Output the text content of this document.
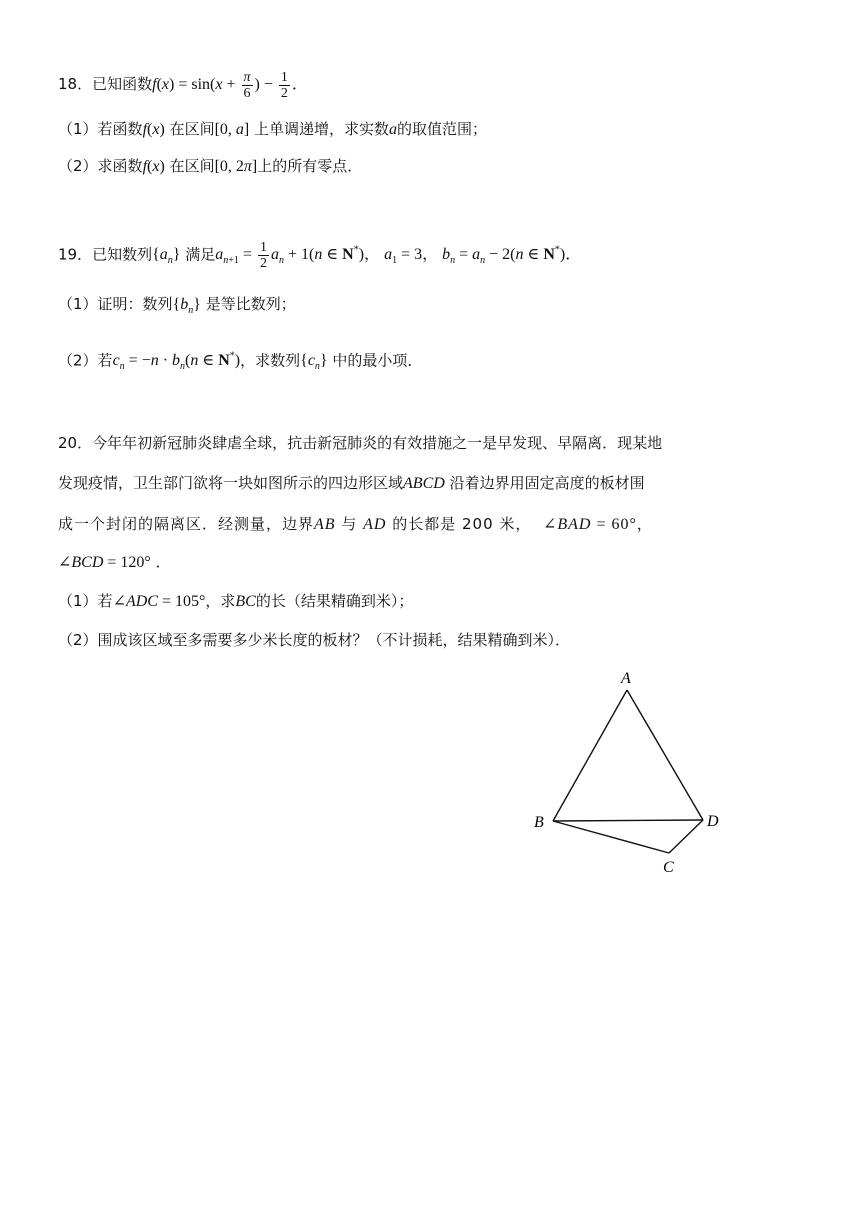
18．已知函数$f(x) = \sin(x + \frac{\pi}{6}$ ) − $\frac{1}{2}$ ．
（1）若函数f(x) 在区间[0, a] 上单调递增，求实数a的取值范围；
（2）求函数f(x) 在区间[0, 2π]上的所有零点．
19．已知数列$\{a_n\}$ 满足$a_{n+1} = \frac{1}{2} a_n + 1(n$ ∈ N*)， $a_1 = 3$， $b_n = a_n - 2(n$ ∈ N*)．
（1）证明：数列$\{b_n\}$ 是等比数列；
（2）若$c_n = -n \cdot b_n(n$ ∈ N*)，求数列$\{c_n\}$ 中的最小项．
20．今年年初新冠肺炎肆虐全球，抗击新冠肺炎的有效措施之一是早发现、早隔离．现某地
发现疫情，卫生部门欲将一块如图所示的四边形区域ABCD 沿着边界用固定高度的板材围
成一个封闭的隔离区．经测量，边界AB 与 AD 的长都是 200 米， ∠BAD = 60°，
∠BCD = 120° ．
（1）若∠ADC = 105°，求BC的长（结果精确到米）；
（2）围成该区域至多需要多少米长度的板材？（不计损耗，结果精确到米）．
A
B
C
D
